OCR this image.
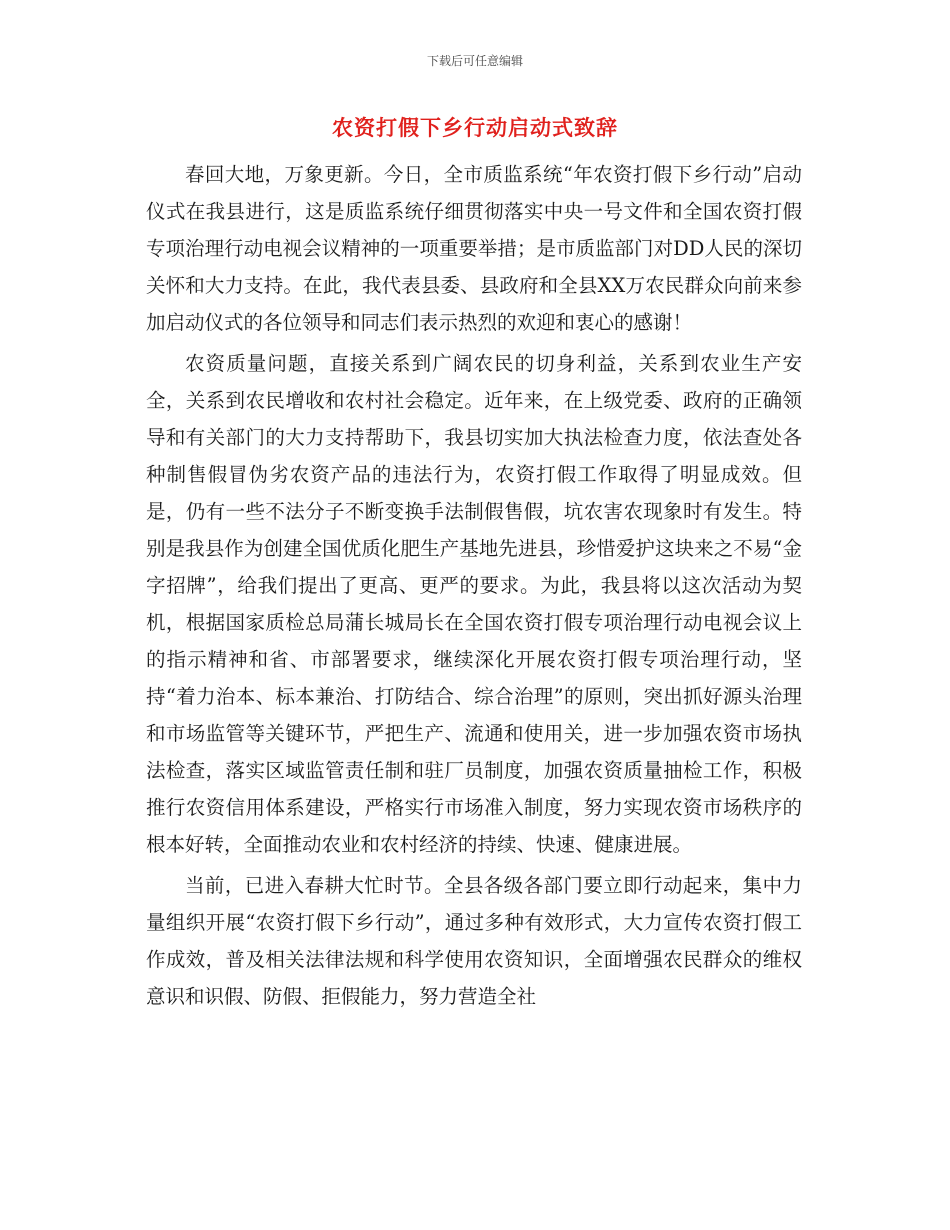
下载后可任意编辑
农资打假下乡行动启动式致辞

春回大地，万象更新。今日，全市质监系统“年农资打假下乡行动”启动仪式在我县进行，这是质监系统仔细贯彻落实中央一号文件和全国农资打假专项治理行动电视会议精神的一项重要举措；是市质监部门对DD人民的深切关怀和大力支持。在此，我代表县委、县政府和全县XX万农民群众向前来参加启动仪式的各位领导和同志们表示热烈的欢迎和衷心的感谢！

农资质量问题，直接关系到广阔农民的切身利益，关系到农业生产安全，关系到农民增收和农村社会稳定。近年来，在上级党委、政府的正确领导和有关部门的大力支持帮助下，我县切实加大执法检查力度，依法查处各种制售假冒伪劣农资产品的违法行为，农资打假工作取得了明显成效。但是，仍有一些不法分子不断变换手法制假售假，坑农害农现象时有发生。特别是我县作为创建全国优质化肥生产基地先进县，珍惜爱护这块来之不易“金字招牌”，给我们提出了更高、更严的要求。为此，我县将以这次活动为契机，根据国家质检总局蒲长城局长在全国农资打假专项治理行动电视会议上的指示精神和省、市部署要求，继续深化开展农资打假专项治理行动，坚持“着力治本、标本兼治、打防结合、综合治理”的原则，突出抓好源头治理和市场监管等关键环节，严把生产、流通和使用关，进一步加强农资市场执法检查，落实区域监管责任制和驻厂员制度，加强农资质量抽检工作，积极推行农资信用体系建设，严格实行市场准入制度，努力实现农资市场秩序的根本好转，全面推动农业和农村经济的持续、快速、健康进展。

当前，已进入春耕大忙时节。全县各级各部门要立即行动起来，集中力量组织开展“农资打假下乡行动”，通过多种有效形式，大力宣传农资打假工作成效，普及相关法律法规和科学使用农资知识，全面增强农民群众的维权意识和识假、防假、拒假能力，努力营造全社
